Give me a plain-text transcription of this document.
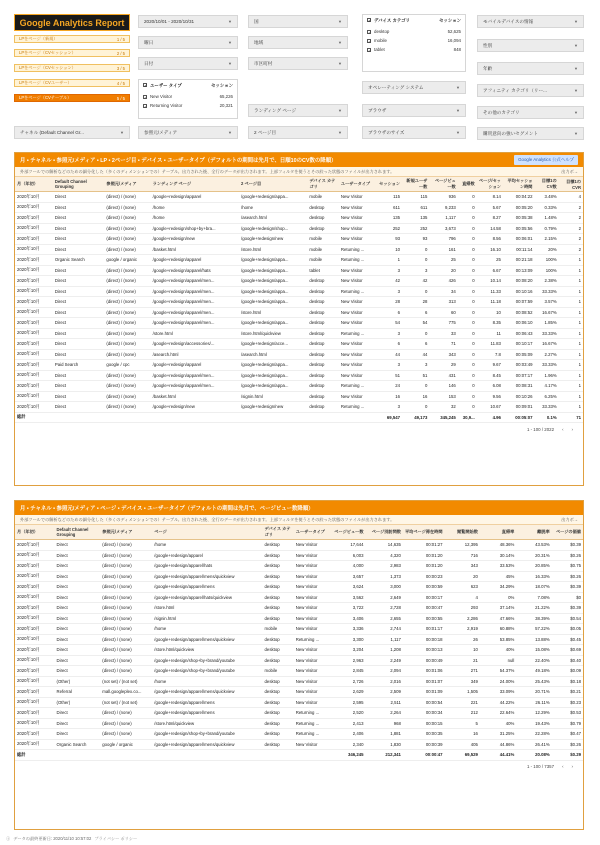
Google Analytics Report
LPをページ（新規）	1 / 5
LPをページ（CVセッション）	2 / 5
LPをページ（CVセッション）	3 / 5
LPをページ（CVユーザー）	4 / 5
LPをページ（CVテーブル）	5 / 5
2020/10/01 - 2020/10/31	▼
曜日	▼
日付	▼
チャネル (Default Channel Gr...	▼	参照元/メディア	▼
✓ ユーザー タイプ	セッション
✓ New Visitor	65,226
✓ Returning Visitor	20,321
国	▼
地域	▼
市区町村	▼
ランディング ページ	▼
2 ページ目	▼
✓ デバイス カテゴリ	セッション
✓ desktop	52,625
✓ mobile	16,094
✓ tablet	848
オペレーティング システム	▼
ブラウザ	▼
ブラウザのサイズ	▼
モバイルデバイスの情報	▼
性別	▼
年齢	▼
アフィニティ カテゴリ（リー...	▼
その他のカテゴリ	▼
購買意向の強いセグメント	▼
月 • チャネル • 参照元/メディア • LP • 2ページ目 • デバイス • ユーザータイプ（デフォルトの期間は先月で、日順10のCV数の降順）	Google Analytics 公式ヘルプ
外部ツールでの解析などのための細分化した（多くのディメンションでの）テーブル。出力された後、全行のデータが出力されます。上部フィルタを使うとその絞った状態のファイルが出力されます。	出力ボ→
月（年初）	Default Channel Grouping	参照元/メディア	ランディング ページ	2 ページ目	デバイス カテゴリ	ユーザータイプ	セッション	新規ユーザー数	ページビュー数	直帰数	ページ/セッション	平均セッション時間	目標1のCV数	目標1のCVR
2020年10月	Direct	(direct) / (none)	/google+redesign/apparel	/google+redesign/appa...	mobile	New Visitor	115	115	936	0	8.14	00:04:22	3.48%	4
2020年10月	Direct	(direct) / (none)	/home	/home	desktop	New Visitor	611	611	9,233	0	5.67	00:05:20	0.33%	2
2020年10月	Direct	(direct) / (none)	/home	/asearch.html	desktop	New Visitor	135	135	1,117	0	8.27	00:05:38	1.48%	2
2020年10月	Direct	(direct) / (none)	/google+redesign/shop+by+bra...	/google+redesign/shop...	desktop	New Visitor	252	252	3,673	0	14.58	00:05:56	0.79%	2
2020年10月	Direct	(direct) / (none)	/google+redesign/new	/google+redesign/new	mobile	New Visitor	93	93	796	0	8.56	00:06:01	2.15%	2
2020年10月	Direct	(direct) / (none)	/basket.html	/store.html	mobile	Returning ...	10	0	161	0	16.10	00:11:14	20%	2
2020年10月	Organic Search	google / organic	/google+redesign/apparel	/google+redesign/appa...	mobile	Returning ...	1	0	25	0	25	00:21:18	100%	1
2020年10月	Direct	(direct) / (none)	/google+redesign/apparel/hats	/google+redesign/appa...	tablet	New Visitor	3	3	20	0	6.67	00:13:09	100%	1
2020年10月	Direct	(direct) / (none)	/google+redesign/apparel/men...	/google+redesign/appa...	desktop	New Visitor	42	42	426	0	10.14	00:08:20	2.38%	1
2020年10月	Direct	(direct) / (none)	/google+redesign/apparel/men...	/google+redesign/appa...	desktop	Returning ...	3	0	34	0	11.33	00:10:16	33.33%	1
2020年10月	Direct	(direct) / (none)	/google+redesign/apparel/men...	/google+redesign/appa...	desktop	New Visitor	28	28	313	0	11.18	00:07:59	3.57%	1
2020年10月	Direct	(direct) / (none)	/google+redesign/apparel/men...	/store.html	desktop	New Visitor	6	6	60	0	10	00:08:52	16.67%	1
2020年10月	Direct	(direct) / (none)	/google+redesign/apparel/men...	/google+redesign/appa...	desktop	New Visitor	54	54	775	0	8.35	00:06:10	1.85%	1
2020年10月	Direct	(direct) / (none)	/store.html	/store.html/quickview	desktop	Returning ...	3	0	33	0	11	00:06:43	33.33%	1
2020年10月	Direct	(direct) / (none)	/google+redesign/accessories/...	/google+redesign/acce...	desktop	New Visitor	6	6	71	0	11.83	00:10:17	16.67%	1
2020年10月	Direct	(direct) / (none)	/asearch.html	/asearch.html	desktop	New Visitor	44	44	343	0	7.8	00:05:09	2.27%	1
2020年10月	Paid Search	google / cpc	/google+redesign/apparel	/google+redesign/appa...	desktop	New Visitor	3	3	29	0	9.67	00:03:49	33.33%	1
2020年10月	Direct	(direct) / (none)	/google+redesign/apparel/men...	/google+redesign/appa...	desktop	New Visitor	51	51	431	0	8.45	00:07:17	1.96%	1
2020年10月	Direct	(direct) / (none)	/google+redesign/apparel/men...	/google+redesign/appa...	desktop	Returning ...	24	0	146	0	6.08	00:08:31	4.17%	1
2020年10月	Direct	(direct) / (none)	/basket.html	/signin.html	desktop	New Visitor	16	16	153	0	9.56	00:10:26	6.25%	1
2020年10月	Direct	(direct) / (none)	/google+redesign/new	/google+redesign/new	desktop	Returning ...	3	0	32	0	10.67	00:09:01	33.33%	1
総計							69,547	49,173	345,245	30,9...	4.96	00:05:07	0.1%	71
1 - 100 / 2022 ‹ ›
月 • チャネル • 参照元/メディア • ページ • デバイス • ユーザータイプ（デフォルトの期間は先月で、ページビュー数降順）
外部ツールでの解析などのための細分化した（多くのディメンションでの）テーブル。出力された後、全行のデータが出力されます。上部フィルタを使うとその絞った状態のファイルが出力されます。	出力ボ→
月（年初）	Default Channel Grouping	参照元/メディア	ページ	デバイス カテゴリ	ユーザータイプ	ページビュー数	ページ別訪問数	平均ページ滞在時間	閲覧開始数	直帰率	離脱率	ページの価値
2020年10月	Direct	(direct) / (none)	/home	desktop	New Visitor	17,644	14,635	00:01:27	12,395	48.36%	43.53%	$0.39
2020年10月	Direct	(direct) / (none)	/google+redesign/apparel	desktop	New Visitor	6,003	4,320	00:01:20	716	30.14%	20.31%	$0.26
2020年10月	Direct	(direct) / (none)	/google+redesign/apparel/hats	desktop	New Visitor	4,000	2,983	00:01:20	343	33.53%	20.85%	$0.75
2020年10月	Direct	(direct) / (none)	/google+redesign/apparel/mens/quickview	desktop	New Visitor	3,657	1,373	00:00:23	20	45%	16.33%	$0.26
2020年10月	Direct	(direct) / (none)	/google+redesign/apparel/mens	desktop	New Visitor	3,624	3,000	00:00:59	623	34.29%	18.07%	$0.39
2020年10月	Direct	(direct) / (none)	/google+redesign/apparel/hats/quickview	desktop	New Visitor	3,562	2,649	00:00:17	4	0%	7.08%	$0
2020年10月	Direct	(direct) / (none)	/store.html	desktop	New Visitor	3,722	2,728	00:00:47	293	37.14%	21.22%	$0.39
2020年10月	Direct	(direct) / (none)	/signin.html	desktop	New Visitor	3,406	2,655	00:00:55	2,286	47.66%	38.39%	$0.54
2020年10月	Direct	(direct) / (none)	/home	mobile	New Visitor	3,336	2,744	00:01:17	2,919	60.88%	57.22%	$0.05
2020年10月	Direct	(direct) / (none)	/google+redesign/apparel/mens/quickview	desktop	Returning ...	3,300	1,117	00:00:18	26	53.85%	13.88%	$0.45
2020年10月	Direct	(direct) / (none)	/store.html/quickview	desktop	New Visitor	3,204	1,208	00:00:13	10	40%	15.08%	$0.69
2020年10月	Direct	(direct) / (none)	/google+redesign/shop+by+brand/youtube	desktop	New Visitor	2,963	2,249	00:00:49	21	null	22.40%	$0.40
2020年10月	Direct	(direct) / (none)	/google+redesign/shop+by+brand/youtube	mobile	New Visitor	2,845	2,094	00:01:06	271	54.37%	49.18%	$0.09
2020年10月	(Other)	(not set) / (not set)	/home	desktop	New Visitor	2,726	2,016	00:01:07	349	24.00%	25.43%	$0.18
2020年10月	Referral	mall.googleplex.co...	/google+redesign/apparel/mens/quickview	desktop	New Visitor	2,629	2,509	00:01:09	1,505	33.09%	20.71%	$0.21
2020年10月	(Other)	(not set) / (not set)	/google+redesign/apparel/mens	desktop	New Visitor	2,595	2,511	00:00:54	221	44.22%	26.11%	$0.23
2020年10月	Direct	(direct) / (none)	/google+redesign/apparel/mens	desktop	Returning ...	2,520	2,264	00:00:34	212	22.64%	12.29%	$0.53
2020年10月	Direct	(direct) / (none)	/store.html/quickview	desktop	Returning ...	2,413	968	00:00:15	5	40%	19.43%	$0.79
2020年10月	Direct	(direct) / (none)	/google+redesign/shop+by+brand/youtube	desktop	Returning ...	2,406	1,881	00:00:35	16	31.25%	22.28%	$0.47
2020年10月	Organic Search	google / organic	/google+redesign/apparel/mens/quickview	desktop	New Visitor	2,340	1,830	00:00:39	405	44.86%	26.41%	$0.26
総計						346,245	212,341	00:00:47	69,529	44.41%	20.08%	$0.29
1 - 100 / 7357 ‹ ›
ⓘ データの最終更新日: 2020/11/10 10:57:02 プライバシー ポリシー
